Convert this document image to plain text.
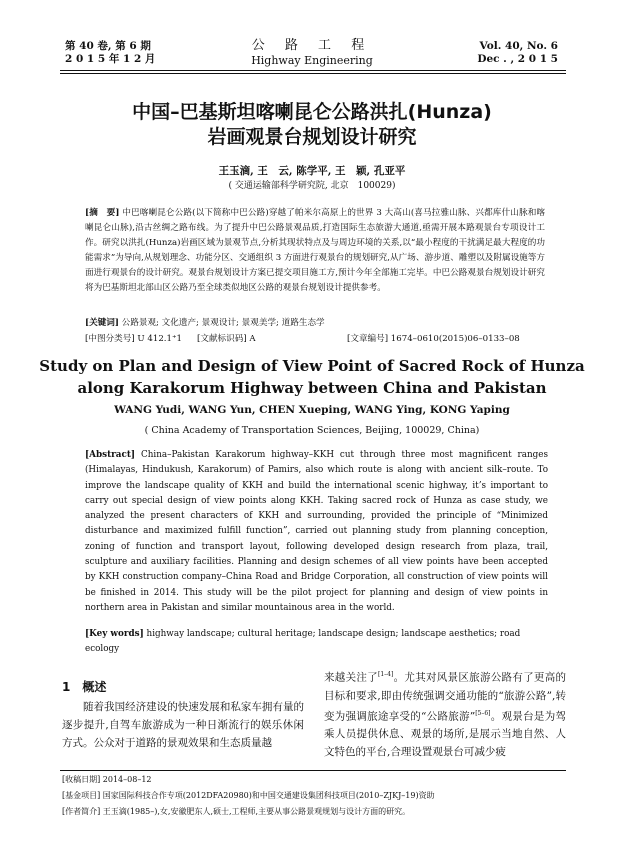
第 40 卷, 第 6 期
2 0 1 5 年 1 2 月
公 路 工 程
Highway Engineering
Vol. 40, No. 6
Dec . , 2 0 1 5
中国–巴基斯坦喀喇昆仑公路洪扎(Hunza)
岩画观景台规划设计研究
王玉滴, 王　云, 陈学平, 王　颖, 孔亚平
( 交通运输部科学研究院, 北京　100029)
[摘　要] 中巴喀喇昆仑公路(以下简称中巴公路)穿越了帕米尔高原上的世界 3 大高山(喜马拉雅山脉、兴都库什山脉和喀喇昆仑山脉),沿古丝绸之路布线。为了提升中巴公路景观品质,打造国际生态旅游大通道,亟需开展本路观景台专项设计工作。研究以洪扎(Hunza)岩画区域为景观节点,分析其现状特点及与周边环境的关系,以“最小程度的干扰满足最大程度的功能需求”为导向,从规划理念、功能分区、交通组织 3 方面进行观景台的规划研究,从广场、游步道、雕塑以及附属设施等方面进行观景台的设计研究。观景台规划设计方案已提交项目施工方,预计今年全部施工完毕。中巴公路观景台规划设计研究将为巴基斯坦北部山区公路乃至全球类似地区公路的观景台规划设计提供参考。
[关键词] 公路景观; 文化遗产; 景观设计; 景观美学; 道路生态学
[中图分类号] U 412.1⁺1 [文献标识码] A	[文章编号] 1674–0610(2015)06–0133–08
Study on Plan and Design of View Point of Sacred Rock of Hunza
along Karakorum Highway between China and Pakistan
WANG Yudi, WANG Yun, CHEN Xueping, WANG Ying, KONG Yaping
( China Academy of Transportation Sciences, Beijing, 100029, China)
[Abstract] China–Pakistan Karakorum highway–KKH cut through three most magnificent ranges (Himalayas, Hindukush, Karakorum) of Pamirs, also which route is along with ancient silk–route. To improve the landscape quality of KKH and build the international scenic highway, it’s important to carry out special design of view points along KKH. Taking sacred rock of Hunza as case study, we analyzed the present characters of KKH and surrounding, provided the principle of “Minimized disturbance and maximized fulfill function”, carried out planning study from planning conception, zoning of function and transport layout, following developed design research from plaza, trail, sculpture and auxiliary facilities. Planning and design schemes of all view points have been accepted by KKH construction company–China Road and Bridge Corporation, all construction of view points will be finished in 2014. This study will be the pilot project for planning and design of view points in northern area in Pakistan and similar mountainous area in the world.
[Key words] highway landscape; cultural heritage; landscape design; landscape aesthetics; road ecology
1　概述
随着我国经济建设的快速发展和私家车拥有量的逐步提升,自驾车旅游成为一种日渐流行的娱乐休闲方式。公众对于道路的景观效果和生态质量越
来越关注了[1–4]。尤其对风景区旅游公路有了更高的目标和要求,即由传统强调交通功能的“旅游公路”,转变为强调旅途享受的“公路旅游”[5–6]。观景台是为驾乘人员提供休息、观景的场所,是展示当地自然、人文特色的平台,合理设置观景台可减少疲
[收稿日期] 2014–08–12
[基金项目] 国家国际科技合作专项(2012DFA20980)和中国交通建设集团科技项目(2010–ZJKJ–19)资助
[作者简介] 王玉滴(1985–),女,安徽肥东人,硕士,工程师,主要从事公路景观规划与设计方面的研究。
